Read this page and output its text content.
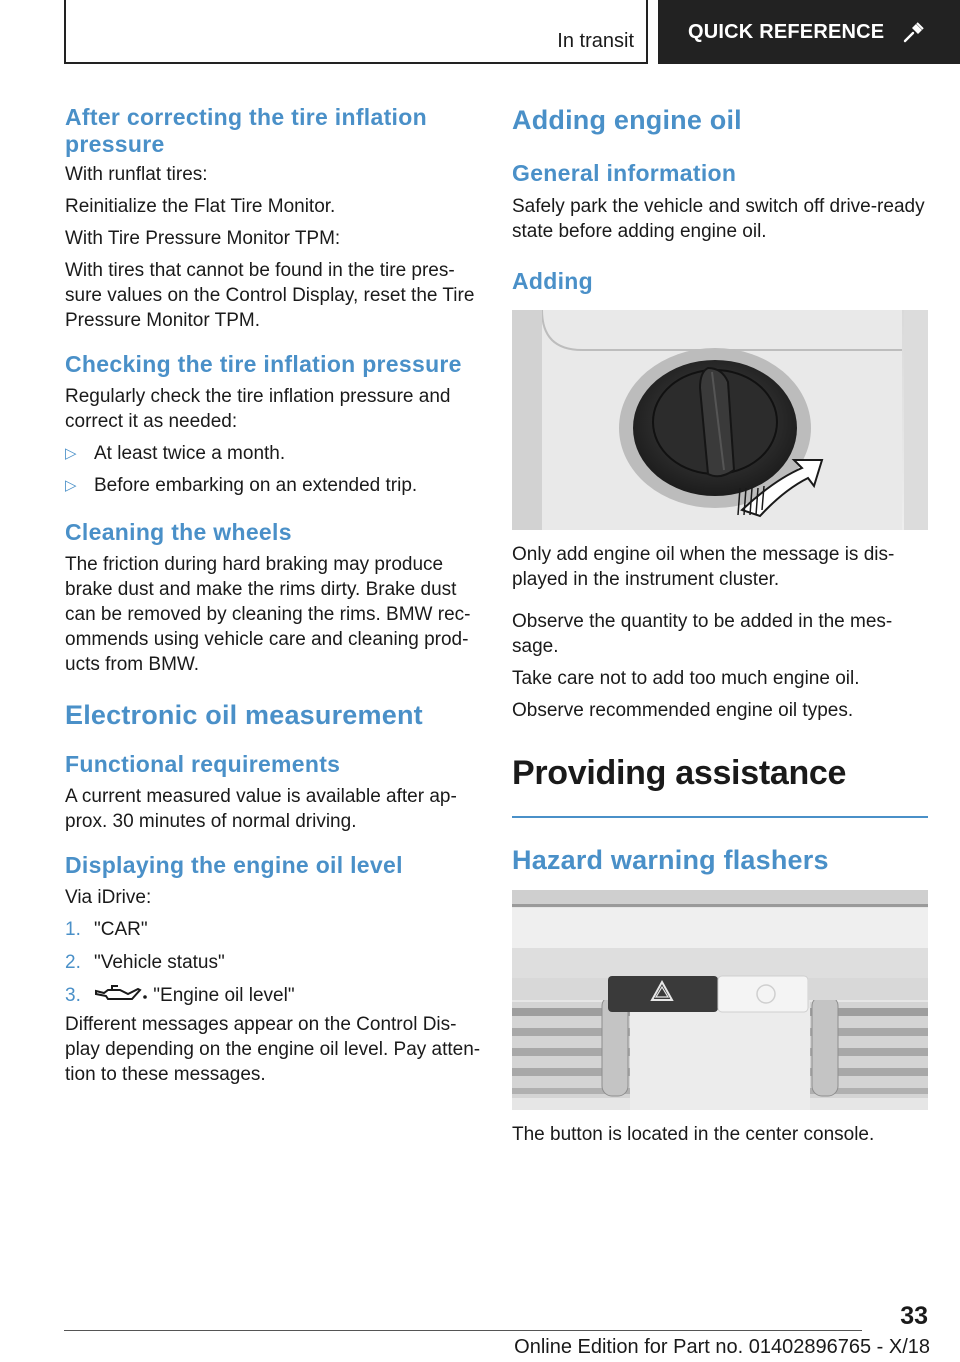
In transit	QUICK REFERENCE
After correcting the tire inflation pressure

With runflat tires:

Reinitialize the Flat Tire Monitor.

With Tire Pressure Monitor TPM:

With tires that cannot be found in the tire pres‐sure values on the Control Display, reset the Tire Pressure Monitor TPM.

Checking the tire inflation pressure

Regularly check the tire inflation pressure and correct it as needed:

▷ At least twice a month.
▷ Before embarking on an extended trip.
Cleaning the wheels

The friction during hard braking may produce brake dust and make the rims dirty. Brake dust can be removed by cleaning the rims. BMW rec‐ommends using vehicle care and cleaning prod‐ucts from BMW.

Electronic oil measurement
Functional requirements

A current measured value is available after ap‐prox. 30 minutes of normal driving.

Displaying the engine oil level

Via iDrive:

1. "CAR"
2. "Vehicle status"
3.	"Engine oil level"

Different messages appear on the Control Dis‐play depending on the engine oil level. Pay atten‐tion to these messages.

Adding engine oil
General information

Safely park the vehicle and switch off drive-ready state before adding engine oil.

Adding

Only add engine oil when the message is dis‐played in the instrument cluster.

Observe the quantity to be added in the mes‐sage.

Take care not to add too much engine oil.

Observe recommended engine oil types.

Providing assistance
Hazard warning flashers

The button is located in the center console.

33
Online Edition for Part no. 01402896765 - X/18
